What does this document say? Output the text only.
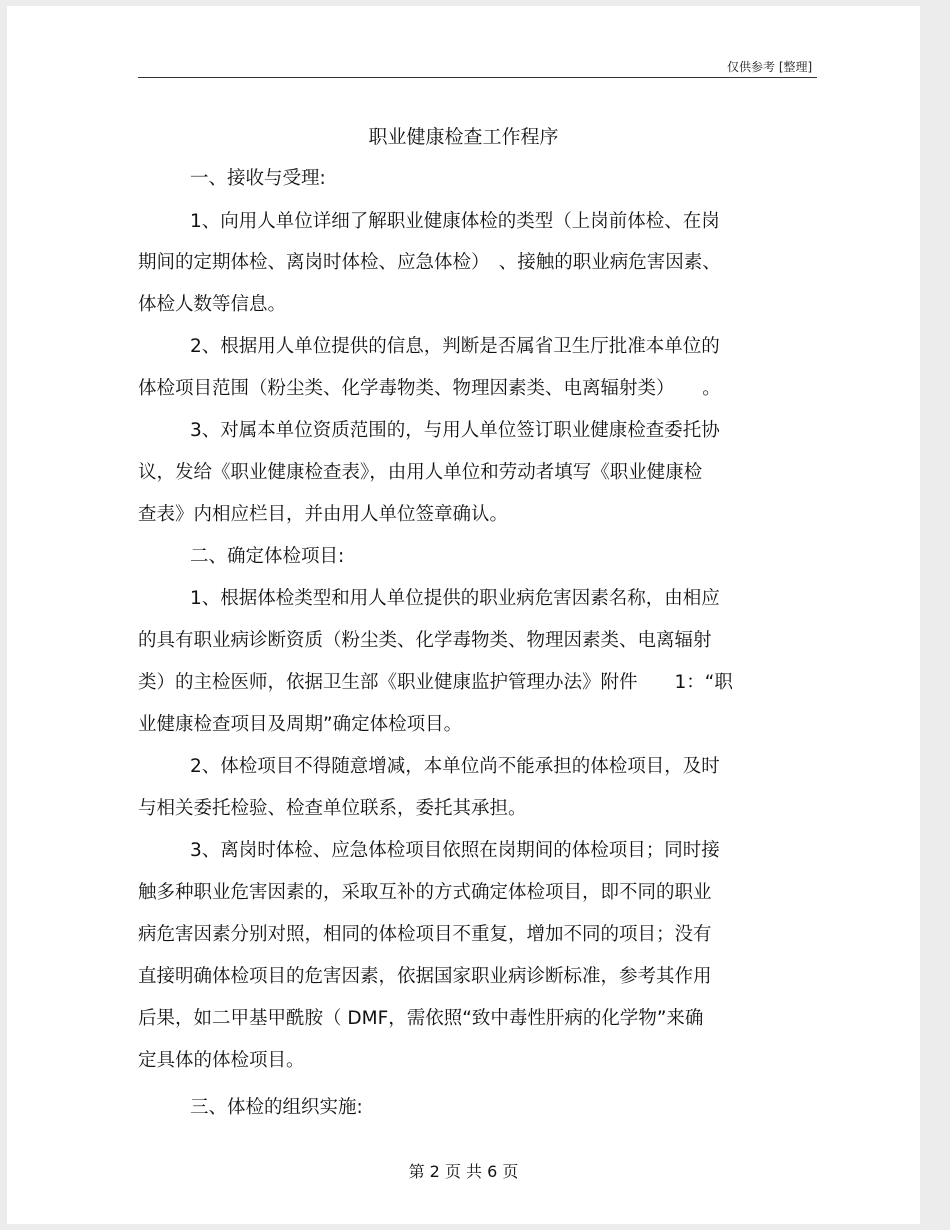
仅供参考 [整理]
职业健康检查工作程序
一、接收与受理:
1、向用人单位详细了解职业健康体检的类型（上岗前体检、在岗
期间的定期体检、离岗时体检、应急体检）　、接触的职业病危害因素、
体检人数等信息。
2、根据用人单位提供的信息，判断是否属省卫生厅批准本单位的
体检项目范围（粉尘类、化学毒物类、物理因素类、电离辐射类）　　。
3、对属本单位资质范围的，与用人单位签订职业健康检查委托协
议，发给《职业健康检查表》，由用人单位和劳动者填写《职业健康检
查表》内相应栏目，并由用人单位签章确认。
二、确定体检项目:
1、根据体检类型和用人单位提供的职业病危害因素名称，由相应
的具有职业病诊断资质（粉尘类、化学毒物类、物理因素类、电离辐射
类）的主检医师，依据卫生部《职业健康监护管理办法》附件　　1：“职
业健康检查项目及周期”确定体检项目。
2、体检项目不得随意增减，本单位尚不能承担的体检项目，及时
与相关委托检验、检查单位联系，委托其承担。
3、离岗时体检、应急体检项目依照在岗期间的体检项目；同时接
触多种职业危害因素的，采取互补的方式确定体检项目，即不同的职业
病危害因素分别对照，相同的体检项目不重复，增加不同的项目；没有
直接明确体检项目的危害因素，依据国家职业病诊断标准，参考其作用
后果，如二甲基甲酰胺（ DMF，需依照“致中毒性肝病的化学物”来确
定具体的体检项目。
三、体检的组织实施:
第 2 页 共 6 页
